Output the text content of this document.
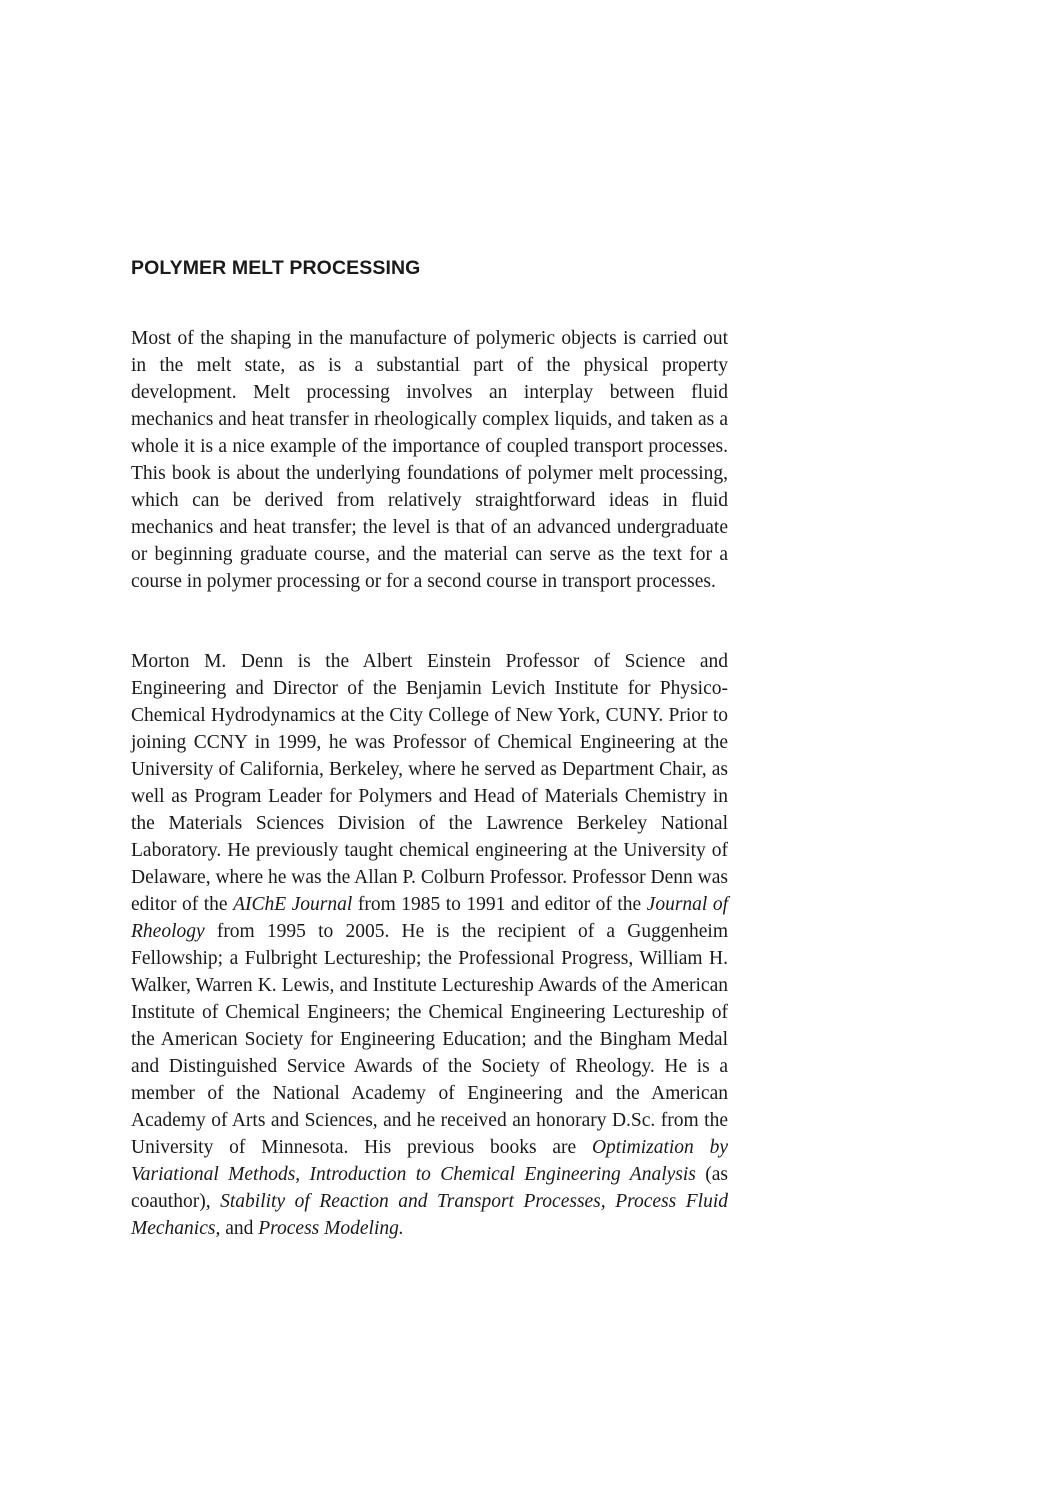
POLYMER MELT PROCESSING

Most of the shaping in the manufacture of polymeric objects is carried out in the melt state, as is a substantial part of the physical property development. Melt processing involves an interplay between fluid mechanics and heat transfer in rheologically complex liquids, and taken as a whole it is a nice example of the importance of coupled transport processes. This book is about the underlying foundations of polymer melt processing, which can be derived from relatively straightforward ideas in fluid mechanics and heat transfer; the level is that of an advanced undergraduate or beginning graduate course, and the material can serve as the text for a course in polymer processing or for a second course in transport processes.

Morton M. Denn is the Albert Einstein Professor of Science and Engineering and Director of the Benjamin Levich Institute for Physico-Chemical Hydrodynamics at the City College of New York, CUNY. Prior to joining CCNY in 1999, he was Professor of Chemical Engineering at the University of California, Berkeley, where he served as Department Chair, as well as Program Leader for Polymers and Head of Materials Chemistry in the Materials Sciences Division of the Lawrence Berkeley National Laboratory. He previously taught chemical engineering at the University of Delaware, where he was the Allan P. Colburn Professor. Professor Denn was editor of the AIChE Journal from 1985 to 1991 and editor of the Journal of Rheology from 1995 to 2005. He is the recipient of a Guggenheim Fellowship; a Fulbright Lectureship; the Professional Progress, William H. Walker, Warren K. Lewis, and Institute Lectureship Awards of the American Institute of Chemical Engineers; the Chemical Engineering Lectureship of the American Society for Engineering Education; and the Bingham Medal and Distinguished Service Awards of the Society of Rheology. He is a member of the National Academy of Engineering and the American Academy of Arts and Sciences, and he received an honorary D.Sc. from the University of Minnesota. His previous books are Optimization by Variational Methods, Introduction to Chemical Engineering Analysis (as coauthor), Stability of Reaction and Transport Processes, Process Fluid Mechanics, and Process Modeling.
